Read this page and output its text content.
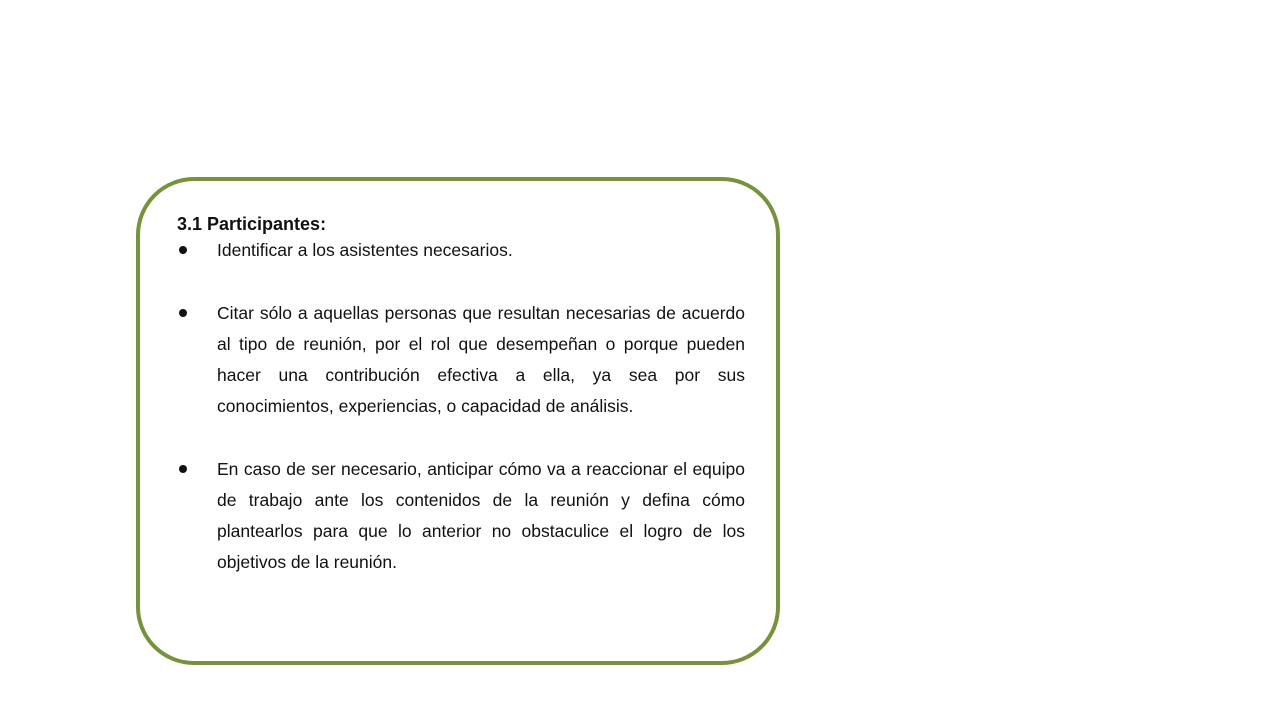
3.1 Participantes:

Identificar a los asistentes necesarios.
Citar sólo a aquellas personas que resultan necesarias de acuerdo al tipo de reunión, por el rol que desempeñan o porque pueden hacer una contribución efectiva a ella, ya sea por sus conocimientos, experiencias, o capacidad de análisis.
En caso de ser necesario, anticipar cómo va a reaccionar el equipo de trabajo ante los contenidos de la reunión y defina cómo plantearlos para que lo anterior no obstaculice el logro de los objetivos de la reunión.
